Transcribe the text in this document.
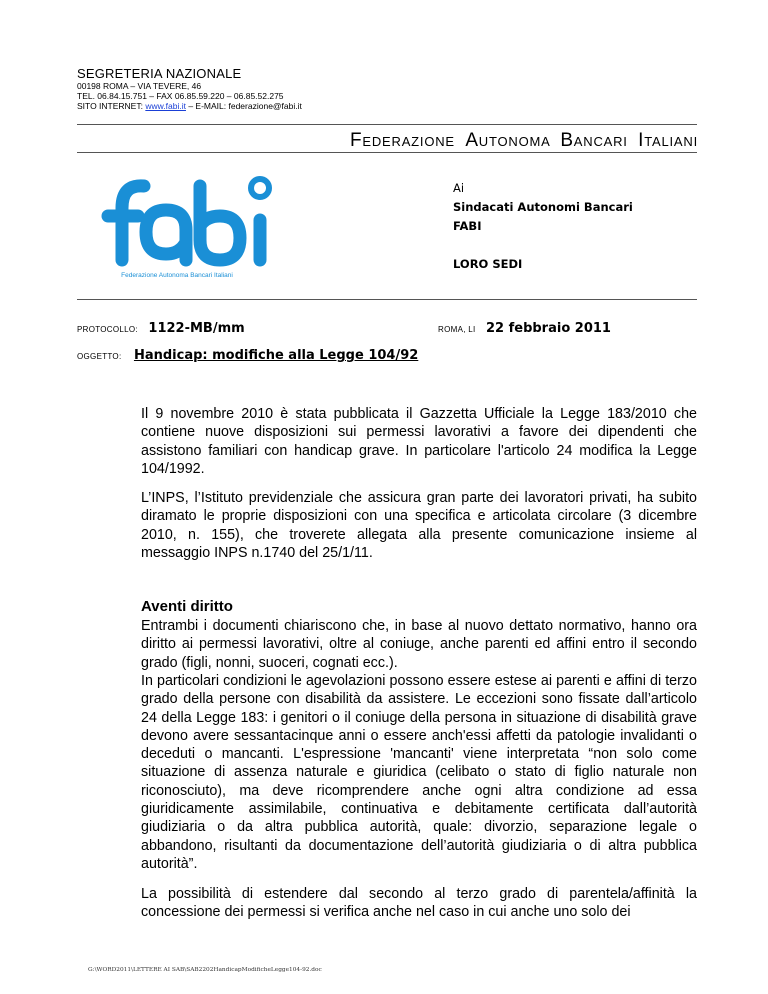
SEGRETERIA NAZIONALE
00198 ROMA – VIA TEVERE, 46
TEL. 06.84.15.751 – FAX 06.85.59.220 – 06.85.52.275
SITO INTERNET: www.fabi.it – E-MAIL: federazione@fabi.it
FEDERAZIONE AUTONOMA BANCARI ITALIANI
Federazione Autonoma Bancari Italiani
Ai
Sindacati Autonomi Bancari
FABI
LORO SEDI
PROTOCOLLO: 1122-MB/mm	ROMA, LI 22 febbraio 2011
OGGETTO: Handicap: modifiche alla Legge 104/92

Il 9 novembre 2010 è stata pubblicata il Gazzetta Ufficiale la Legge 183/2010 che contiene nuove disposizioni sui permessi lavorativi a favore dei dipendenti che assistono familiari con handicap grave. In particolare l'articolo 24 modifica la Legge 104/1992.

L’INPS, l’Istituto previdenziale che assicura gran parte dei lavoratori privati, ha subito diramato le proprie disposizioni con una specifica e articolata circolare (3 dicembre 2010, n. 155), che troverete allegata alla presente comunicazione insieme al messaggio INPS n.1740 del 25/1/11.

Aventi diritto

Entrambi i documenti chiariscono che, in base al nuovo dettato normativo, hanno ora diritto ai permessi lavorativi, oltre al coniuge, anche parenti ed affini entro il secondo grado (figli, nonni, suoceri, cognati ecc.).

In particolari condizioni le agevolazioni possono essere estese ai parenti e affini di terzo grado della persone con disabilità da assistere. Le eccezioni sono fissate dall’articolo 24 della Legge 183: i genitori o il coniuge della persona in situazione di disabilità grave devono avere sessantacinque anni o essere anch'essi affetti da patologie invalidanti o deceduti o mancanti. L'espressione 'mancanti' viene interpretata “non solo come situazione di assenza naturale e giuridica (celibato o stato di figlio naturale non riconosciuto), ma deve ricomprendere anche ogni altra condizione ad essa giuridicamente assimilabile, continuativa e debitamente certificata dall’autorità giudiziaria o da altra pubblica autorità, quale: divorzio, separazione legale o abbandono, risultanti da documentazione dell’autorità giudiziaria o di altra pubblica autorità”.

La possibilità di estendere dal secondo al terzo grado di parentela/affinità la concessione dei permessi si verifica anche nel caso in cui anche uno solo dei

G:\WORD2011\LETTERE AI SAB\SAB2202HandicapModificheLegge104-92.doc
